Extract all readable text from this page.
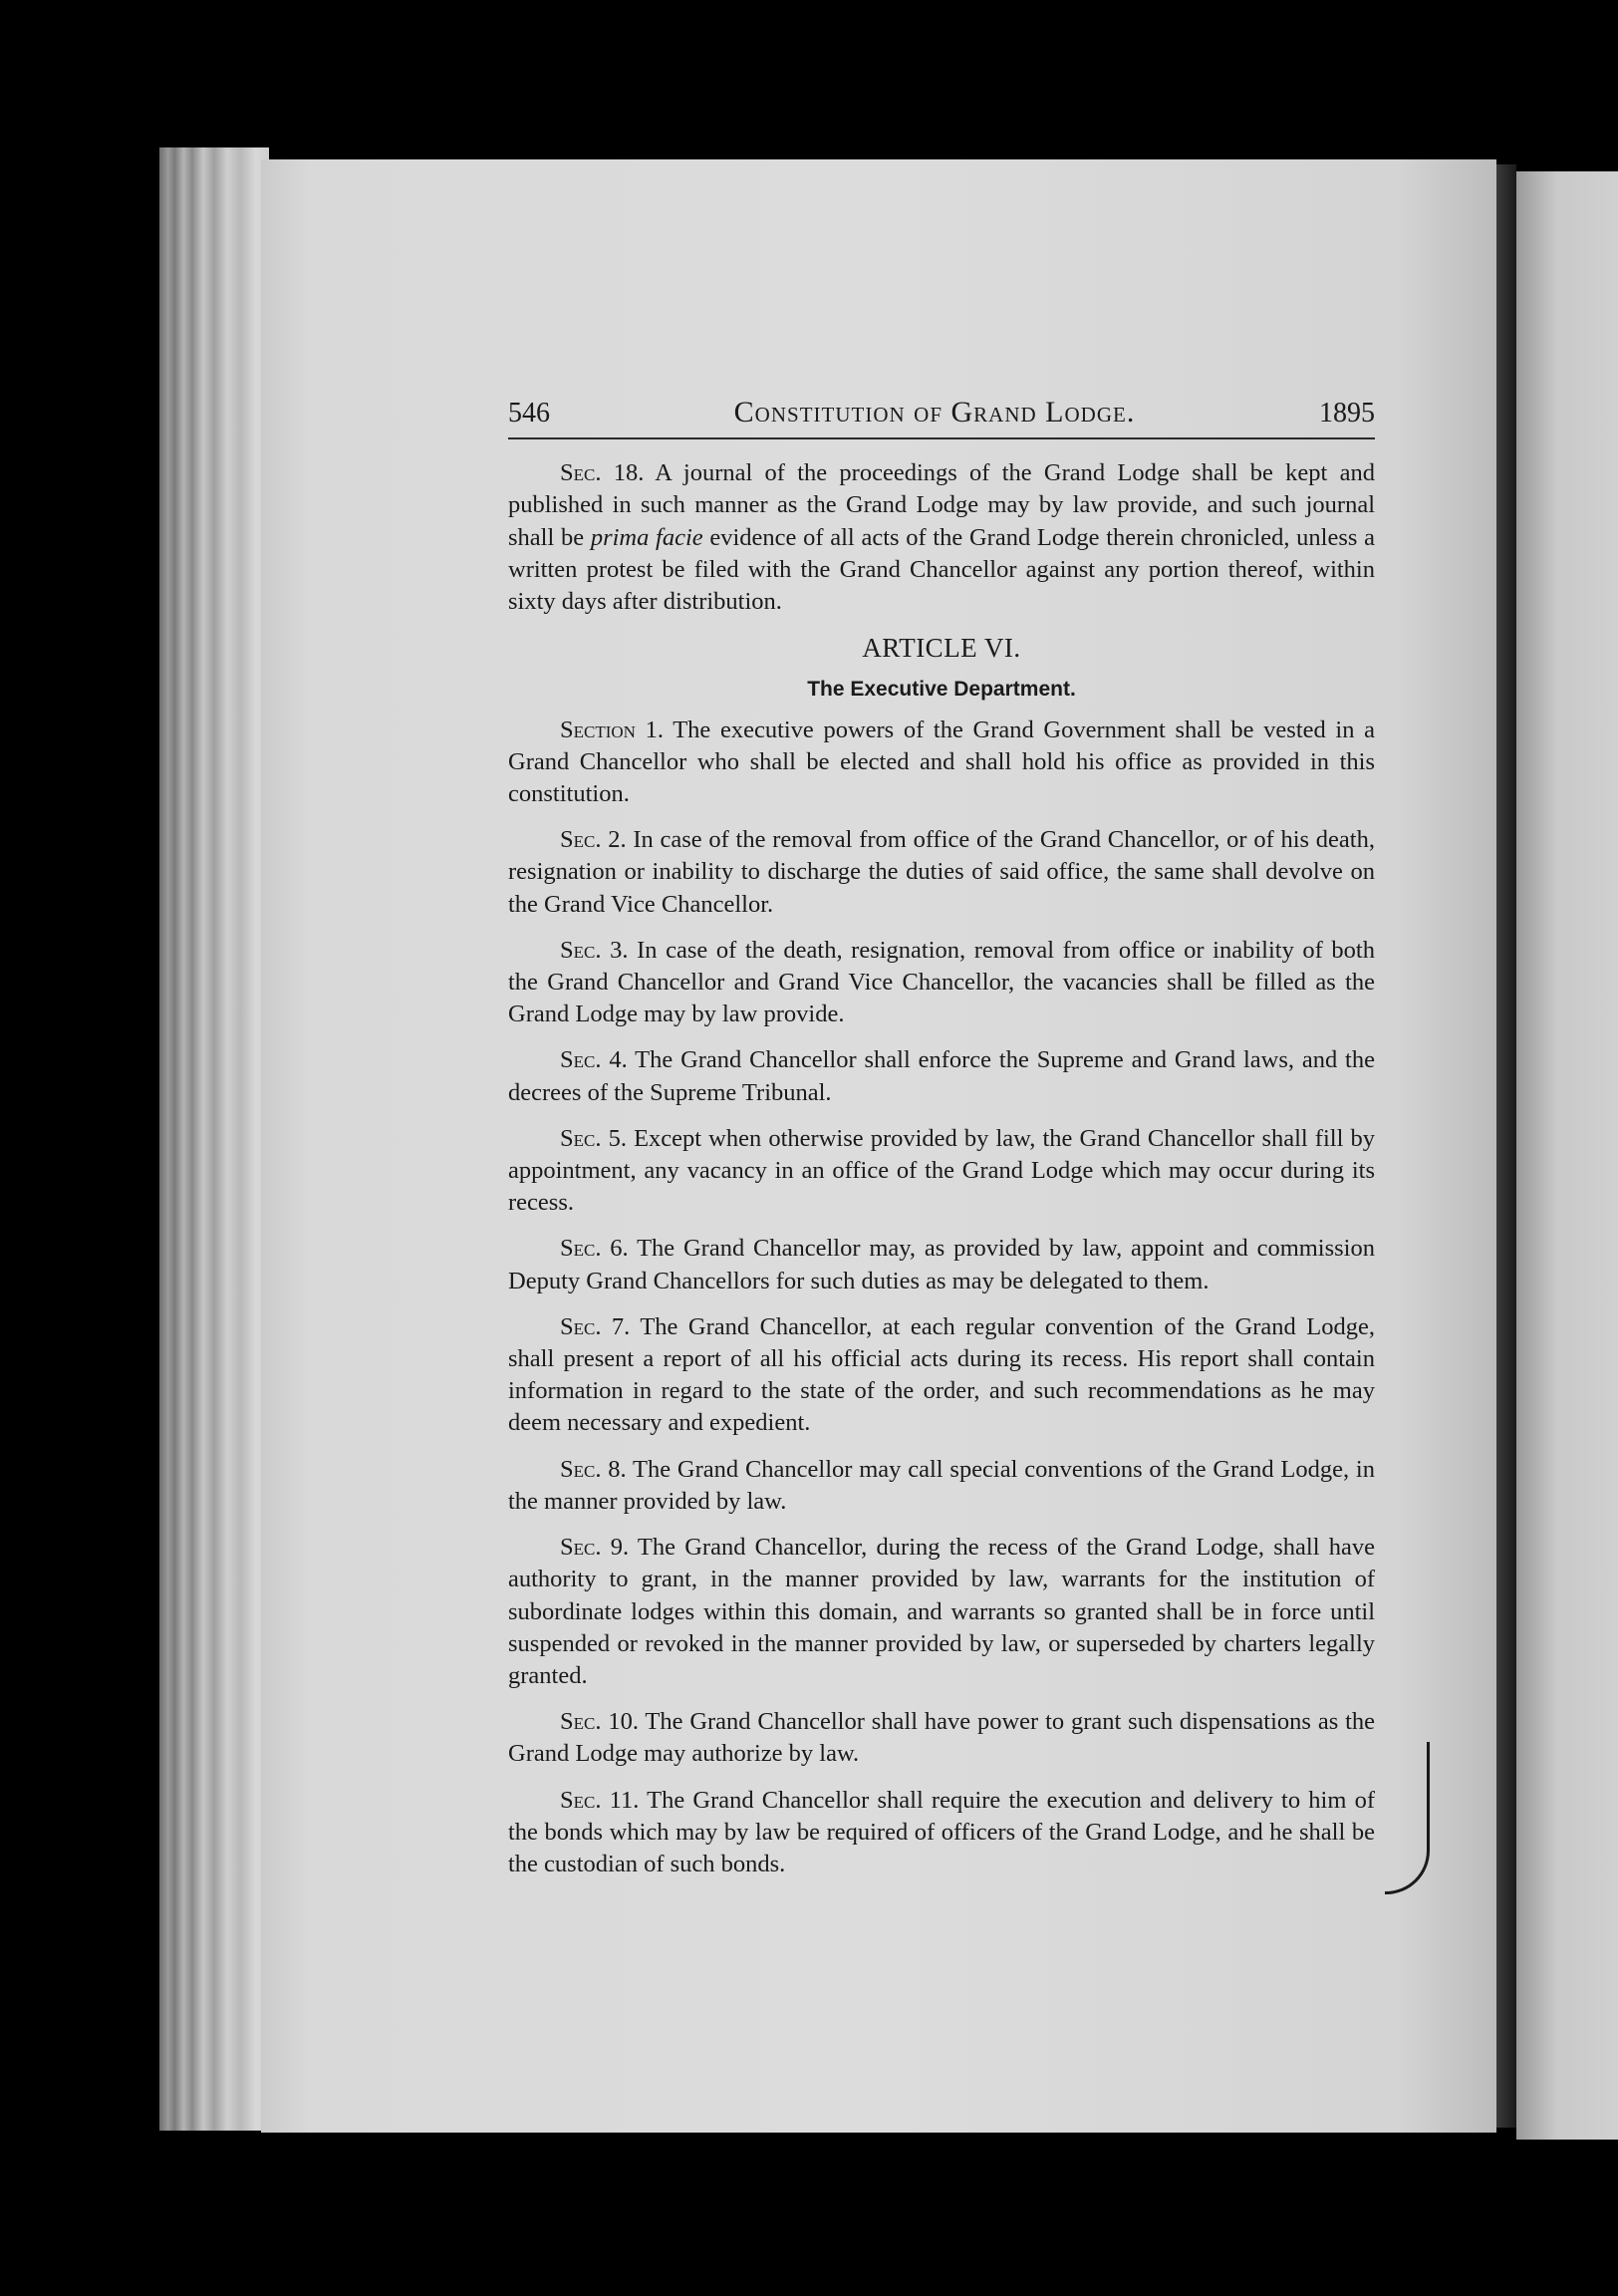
546	Constitution of Grand Lodge.	1895

Sec. 18. A journal of the proceedings of the Grand Lodge shall be kept and published in such manner as the Grand Lodge may by law provide, and such journal shall be prima facie evidence of all acts of the Grand Lodge therein chronicled, unless a written protest be filed with the Grand Chancellor against any portion thereof, within sixty days after distribution.

ARTICLE VI.
The Executive Department.

Section 1. The executive powers of the Grand Government shall be vested in a Grand Chancellor who shall be elected and shall hold his office as provided in this constitution.

Sec. 2. In case of the removal from office of the Grand Chancellor, or of his death, resignation or inability to discharge the duties of said office, the same shall devolve on the Grand Vice Chancellor.

Sec. 3. In case of the death, resignation, removal from office or inability of both the Grand Chancellor and Grand Vice Chancellor, the vacancies shall be filled as the Grand Lodge may by law provide.

Sec. 4. The Grand Chancellor shall enforce the Supreme and Grand laws, and the decrees of the Supreme Tribunal.

Sec. 5. Except when otherwise provided by law, the Grand Chancellor shall fill by appointment, any vacancy in an office of the Grand Lodge which may occur during its recess.

Sec. 6. The Grand Chancellor may, as provided by law, appoint and commission Deputy Grand Chancellors for such duties as may be delegated to them.

Sec. 7. The Grand Chancellor, at each regular convention of the Grand Lodge, shall present a report of all his official acts during its recess. His report shall contain information in regard to the state of the order, and such recommendations as he may deem necessary and expedient.

Sec. 8. The Grand Chancellor may call special conventions of the Grand Lodge, in the manner provided by law.

Sec. 9. The Grand Chancellor, during the recess of the Grand Lodge, shall have authority to grant, in the manner provided by law, warrants for the institution of subordinate lodges within this domain, and warrants so granted shall be in force until suspended or revoked in the manner provided by law, or superseded by charters legally granted.

Sec. 10. The Grand Chancellor shall have power to grant such dispensations as the Grand Lodge may authorize by law.

Sec. 11. The Grand Chancellor shall require the execution and delivery to him of the bonds which may by law be required of officers of the Grand Lodge, and he shall be the custodian of such bonds.
